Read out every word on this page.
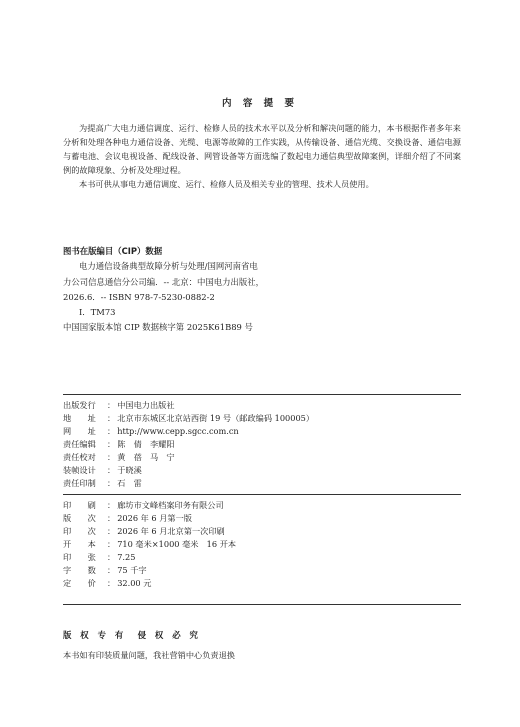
内 容 提 要

为提高广大电力通信调度、运行、检修人员的技术水平以及分析和解决问题的能力，本书根据作者多年来分析和处理各种电力通信设备、光缆、电源等故障的工作实践，从传输设备、通信光缆、交换设备、通信电源与蓄电池、会议电视设备、配线设备、网管设备等方面选编了数起电力通信典型故障案例，详细介绍了不同案例的故障现象、分析及处理过程。

本书可供从事电力通信调度、运行、检修人员及相关专业的管理、技术人员使用。

图书在版编目（CIP）数据
电力通信设备典型故障分析与处理/国网河南省电
力公司信息通信分公司编．-- 北京：中国电力出版社，
2026.6．-- ISBN 978-7-5230-0882-2
Ⅰ．TM73
中国国家版本馆 CIP 数据核字第 2025K61B89 号
出版发行	： 中国电力出版社
地　　址	： 北京市东城区北京站西街 19 号（邮政编码 100005）
网　　址	： http://www.cepp.sgcc.com.cn
责任编辑	： 陈　倩　李耀阳
责任校对	： 黄　蓓　马　宁
装帧设计	： 于晓溪
责任印制	： 石　雷
印　　刷	： 廊坊市文峰档案印务有限公司
版　　次	： 2026 年 6 月第一版
印　　次	： 2026 年 6 月北京第一次印刷
开　　本	： 710 毫米×1000 毫米　16 开本
印　　张	： 7.25
字　　数	： 75 千字
定　　价	： 32.00 元
版 权 专 有　侵 权 必 究
本书如有印装质量问题，我社营销中心负责退换
